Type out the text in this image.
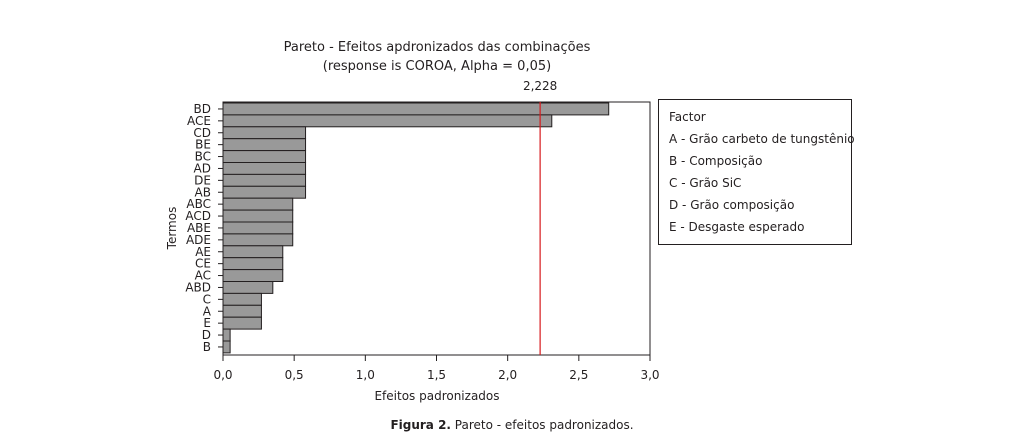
Pareto - Efeitos apdronizados das combinações
(response is COROA, Alpha = 0,05)
Termos
Efeitos padronizados
BD
ACE
CD
BE
BC
AD
DE
AB
ABC
ACD
ABE
ADE
AE
CE
AC
ABD
C
A
E
D
B
0,0	0,5	1,0	1,5	2,0	2,5	3,0
2,228
Factor
A - Grão carbeto de tungstênio
B - Composição
C - Grão SiC
D - Grão composição
E - Desgaste esperado
Figura 2. Pareto - efeitos padronizados.
